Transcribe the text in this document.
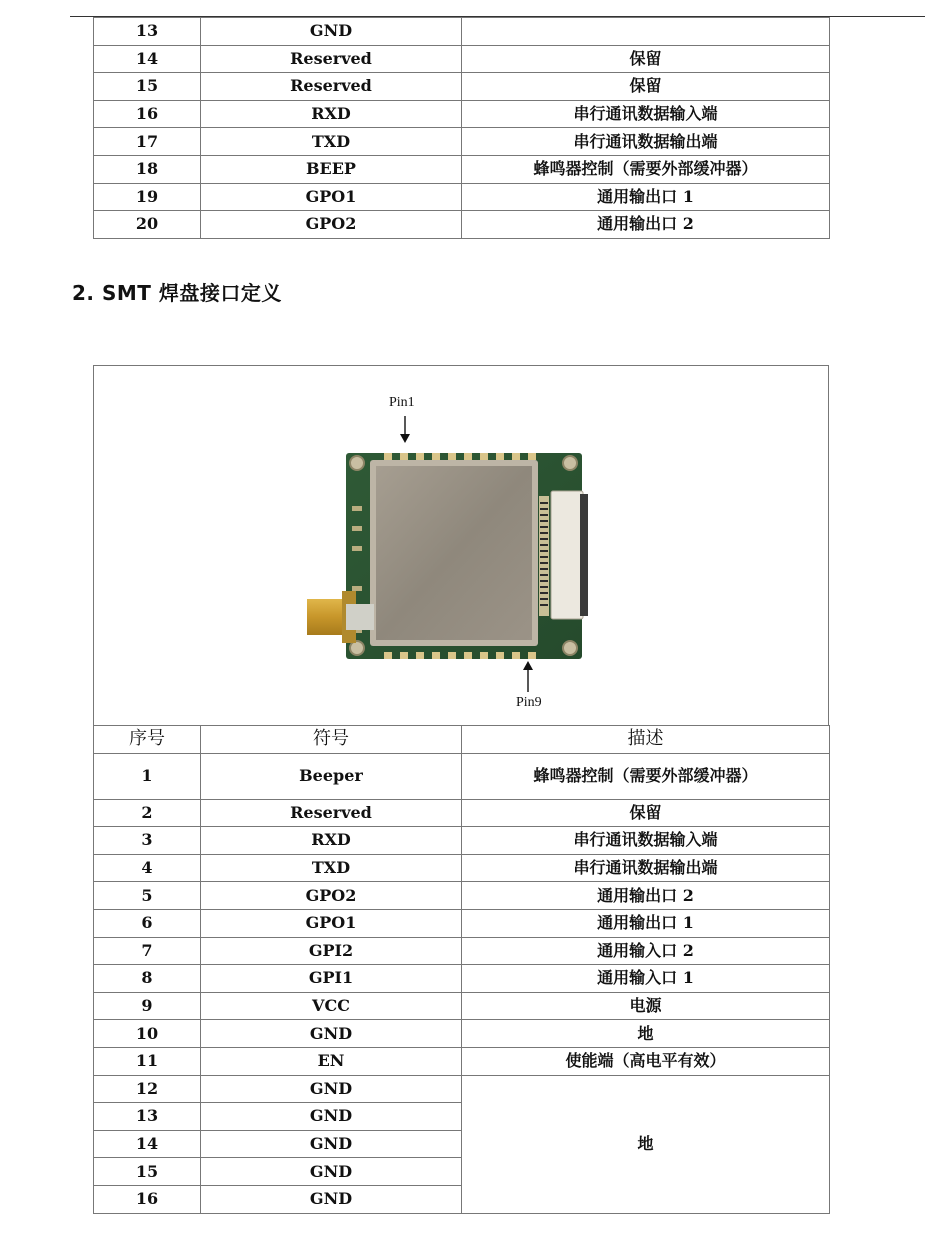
13	GND	
14	Reserved	保留
15	Reserved	保留
16	RXD	串行通讯数据输入端
17	TXD	串行通讯数据输出端
18	BEEP	蜂鸣器控制（需要外部缓冲器）
19	GPO1	通用输出口 1
20	GPO2	通用输出口 2
2. SMT 焊盘接口定义
Pin1
Pin9
序号	符号	描述
1	Beeper	蜂鸣器控制（需要外部缓冲器）
2	Reserved	保留
3	RXD	串行通讯数据输入端
4	TXD	串行通讯数据输出端
5	GPO2	通用输出口 2
6	GPO1	通用输出口 1
7	GPI2	通用输入口 2
8	GPI1	通用输入口 1
9	VCC	电源
10	GND	地
11	EN	使能端（高电平有效）
12	GND	地
13	GND	
14	GND	
15	GND	
16	GND	
